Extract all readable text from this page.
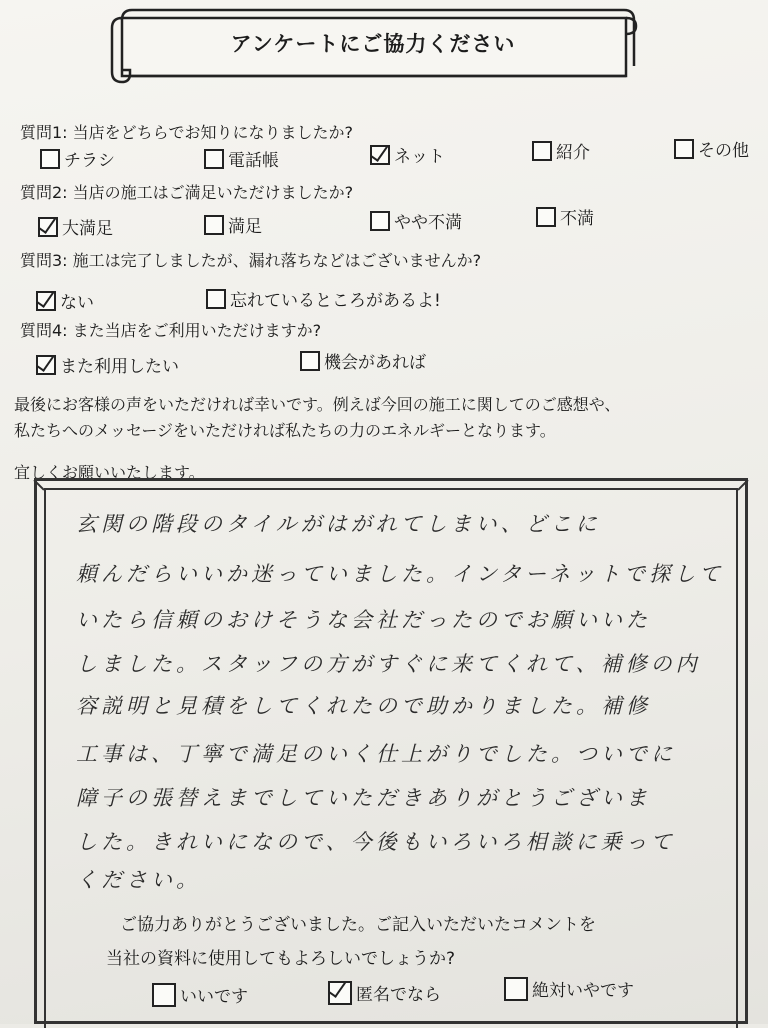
アンケートにご協力ください
質問1: 当店をどちらでお知りになりましたか?
チラシ	電話帳	ネット	紹介	その他
質問2: 当店の施工はご満足いただけましたか?
大満足	満足	やや不満	不満
質問3: 施工は完了しましたが、漏れ落ちなどはございませんか?
ない	忘れているところがあるよ!
質問4: また当店をご利用いただけますか?
また利用したい	機会があれば
最後にお客様の声をいただければ幸いです。例えば今回の施工に関してのご感想や、
私たちへのメッセージをいただければ私たちの力のエネルギーとなります。
宜しくお願いいたします。
玄関の階段のタイルがはがれてしまい、どこに
頼んだらいいか迷っていました。インターネットで探して
いたら信頼のおけそうな会社だったのでお願いいた
しました。スタッフの方がすぐに来てくれて、補修の内
容説明と見積をしてくれたので助かりました。補修
工事は、丁寧で満足のいく仕上がりでした。ついでに
障子の張替えまでしていただきありがとうございま
した。きれいになので、今後もいろいろ相談に乗って
ください。
ご協力ありがとうございました。ご記入いただいたコメントを
当社の資料に使用してもよろしいでしょうか?
いいです	匿名でなら	絶対いやです
